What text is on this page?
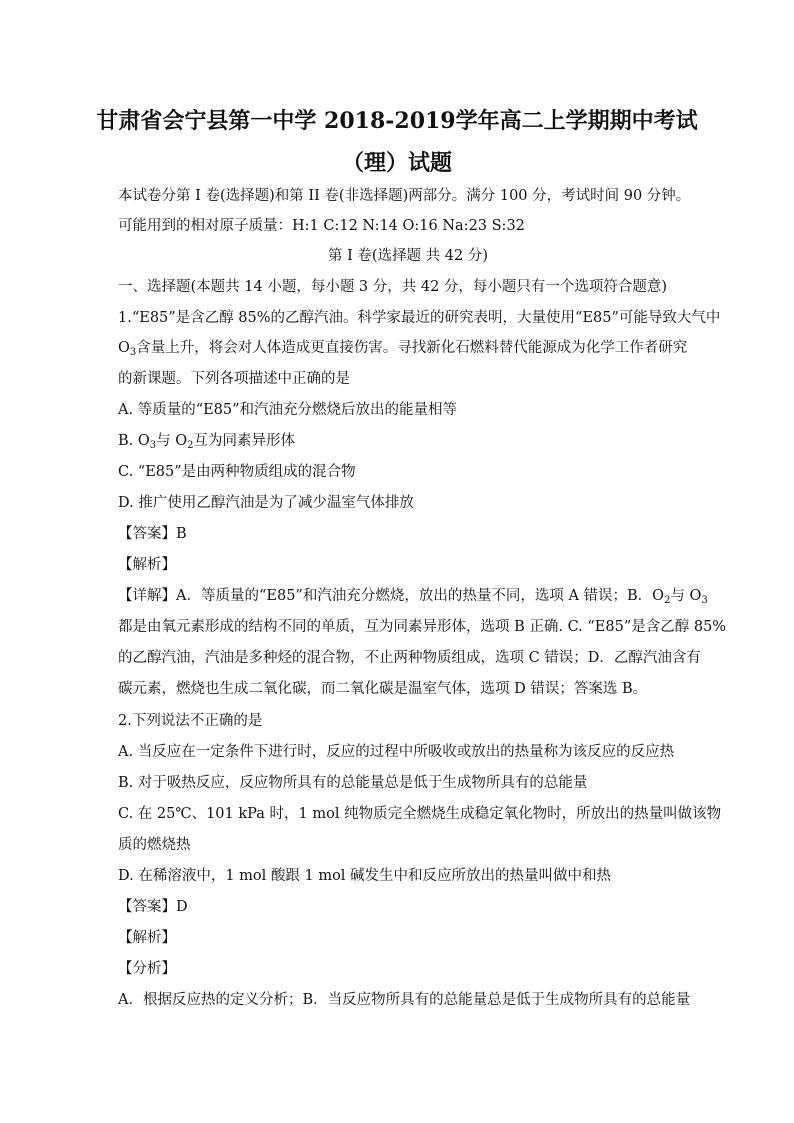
甘肃省会宁县第一中学 2018-2019学年高二上学期期中考试
（理）试题
本试卷分第 I 卷(选择题)和第 II 卷(非选择题)两部分。满分 100 分，考试时间 90 分钟。
可能用到的相对原子质量：H:1 C:12 N:14 O:16 Na:23 S:32
第 I 卷(选择题 共 42 分)
一、选择题(本题共 14 小题，每小题 3 分，共 42 分，每小题只有一个选项符合题意)
1.“E85”是含乙醇 85%的乙醇汽油。科学家最近的研究表明，大量使用“E85”可能导致大气中
$O_3$含量上升，将会对人体造成更直接伤害。寻找新化石燃料替代能源成为化学工作者研究
的新课题。下列各项描述中正确的是
A. 等质量的“E85”和汽油充分燃烧后放出的能量相等
B. $O_3$与 $O_2$互为同素异形体
C. “E85”是由两种物质组成的混合物
D. 推广使用乙醇汽油是为了减少温室气体排放
【答案】B
【解析】
【详解】A．等质量的“E85”和汽油充分燃烧，放出的热量不同，选项 A 错误；B．$O_2$与 $O_3$
都是由氧元素形成的结构不同的单质，互为同素异形体，选项 B 正确. C. “E85”是含乙醇 85%
的乙醇汽油，汽油是多种烃的混合物，不止两种物质组成，选项 C 错误；D．乙醇汽油含有
碳元素，燃烧也生成二氧化碳，而二氧化碳是温室气体，选项 D 错误；答案选 B。
2.下列说法不正确的是
A. 当反应在一定条件下进行时，反应的过程中所吸收或放出的热量称为该反应的反应热
B. 对于吸热反应，反应物所具有的总能量总是低于生成物所具有的总能量
C. 在 25℃、101 kPa 时，1 mol 纯物质完全燃烧生成稳定氧化物时，所放出的热量叫做该物
质的燃烧热
D. 在稀溶液中，1 mol 酸跟 1 mol 碱发生中和反应所放出的热量叫做中和热
【答案】D
【解析】
【分析】
A．根据反应热的定义分析；B．当反应物所具有的总能量总是低于生成物所具有的总能量
